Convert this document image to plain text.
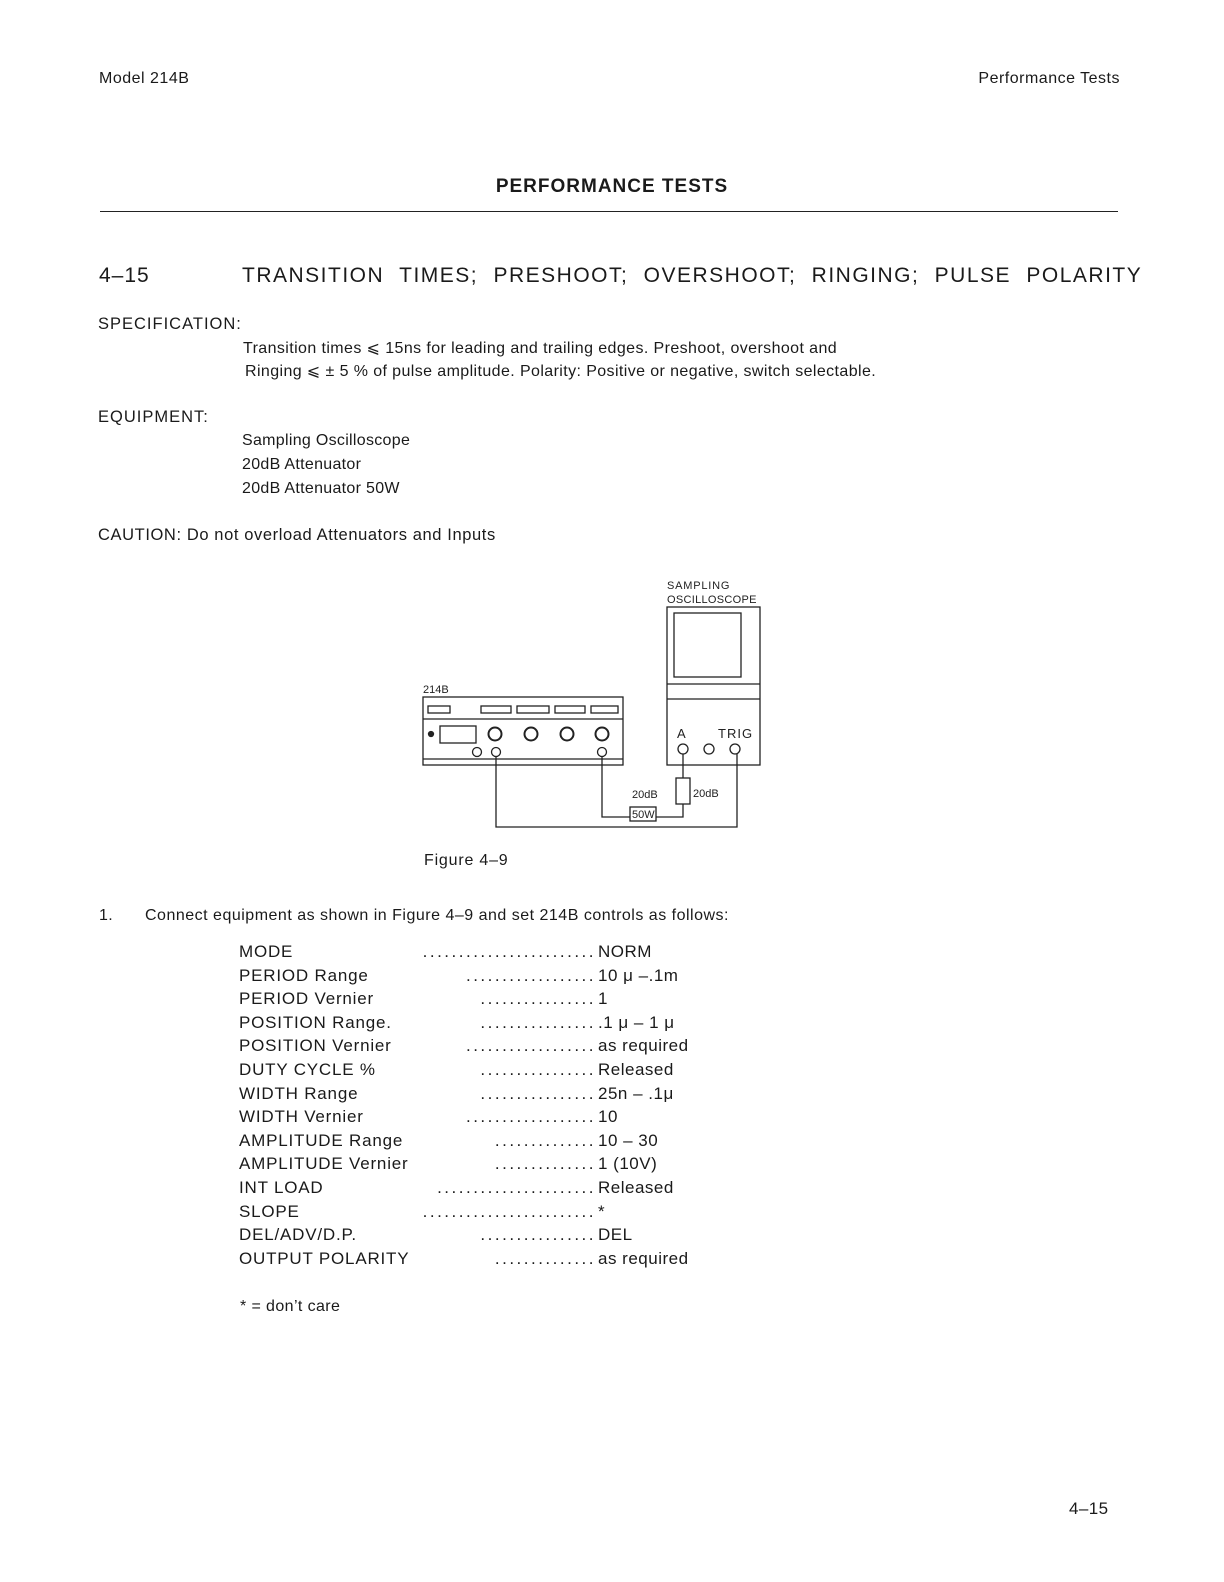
Model 214B	Performance Tests
PERFORMANCE TESTS
4–15	TRANSITION TIMES; PRESHOOT; OVERSHOOT; RINGING; PULSE POLARITY
SPECIFICATION:
Transition times ⩽ 15ns for leading and trailing edges. Preshoot, overshoot and
Ringing ⩽ ± 5 % of pulse amplitude. Polarity: Positive or negative, switch selectable.
EQUIPMENT:
Sampling Oscilloscope
20dB Attenuator
20dB Attenuator 50W
CAUTION: Do not overload Attenuators and Inputs
SAMPLING
OSCILLOSCOPE
214B
A TRIG
20dB
50W
20dB
Figure 4–9
1. Connect equipment as shown in Figure 4–9 and set 214B controls as follows:
MODE	........................ NORM
PERIOD Range	.................. 10 μ –.1m
PERIOD Vernier	................ 1
POSITION Range.	................ .1 μ – 1 μ
POSITION Vernier	.................. as required
DUTY CYCLE %	................ Released
WIDTH Range	................ 25n – .1μ
WIDTH Vernier	.................. 10
AMPLITUDE Range	.............. 10 – 30
AMPLITUDE Vernier	.............. 1 (10V)
INT LOAD	...................... Released
SLOPE	........................ *
DEL/ADV/D.P.	................ DEL
OUTPUT POLARITY	.............. as required
* = don’t care
4–15
